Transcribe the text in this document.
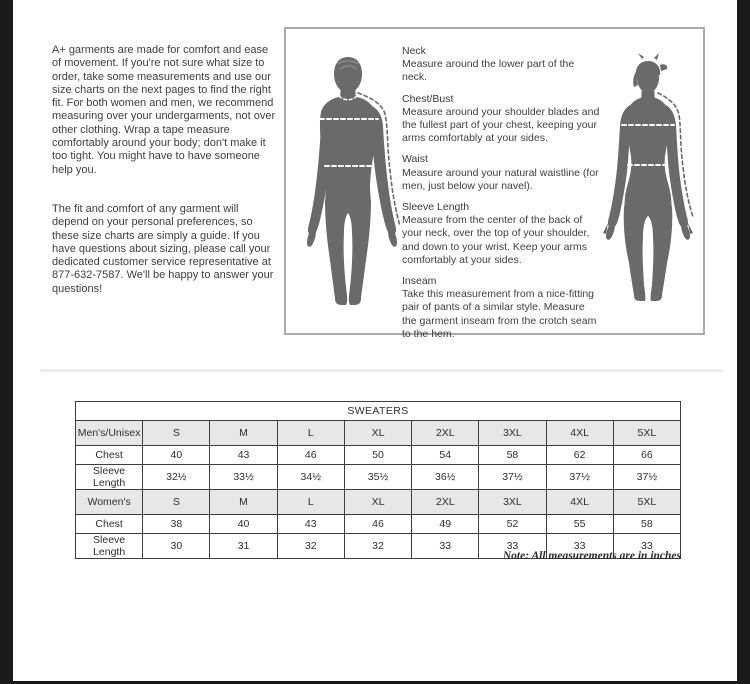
A+ garments are made for comfort and ease of movement. If you're not sure what size to order, take some measurements and use our size charts on the next pages to find the right fit. For both women and men, we recommend measuring over your undergarments, not over other clothing. Wrap a tape measure comfortably around your body; don't make it too tight. You might have to have someone help you.

The fit and comfort of any garment will depend on your personal preferences, so these size charts are simply a guide. If you have questions about sizing, please call your dedicated customer service representative at 877-632-7587. We'll be happy to answer your questions!

Neck

Measure around the lower part of the neck.

Chest/Bust

Measure around your shoulder blades and the fullest part of your chest, keeping your arms comfortably at your sides.

Waist

Measure around your natural waistline (for men, just below your navel).

Sleeve Length

Measure from the center of the back of your neck, over the top of your shoulder, and down to your wrist. Keep your arms comfortably at your sides.

Inseam

Take this measurement from a nice-fitting pair of pants of a similar style. Measure the garment inseam from the crotch seam to the hem.

SWEATERS								
Men's/Unisex	S	M	L	XL	2XL	3XL	4XL	5XL
Chest	40	43	46	50	54	58	62	66
Sleeve Length	32½	33½	34½	35½	36½	37½	37½	37½
Women's	S	M	L	XL	2XL	3XL	4XL	5XL
Chest	38	40	43	46	49	52	55	58
Sleeve Length	30	31	32	32	33	33	33	33
Note: All measurements are in inches
